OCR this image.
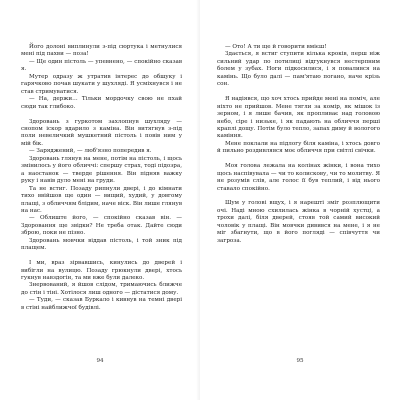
Його долоні виплинули з-під сюртука і метнулися мені під пахви — поза!

— Ще один пістоль — упевнено, — спокійно сказав я.

Мутер одразу ж утратив інтерес до обшуку і гарячково почав шукати у шухляді. Я усміхнувся і не став стримуватися.

— На, держи… Тільки мордочку свою не пхай сюди так глибоко.

Здоровань з гуркотом захлопнув шухляду — снопом іскор вдарило з каміна. Він витягнув з-під поли невеличкий мушкетний пістоль і повів ним у мій бік.

— Заряджений, — люб'язно попередив я.

Здоровань глянув на мене, потім на пістоль, і щось змінилось у його обличчі: спершу страх, тоді підозра, а наостанок — тверде рішення. Він підняв важку руку і навів дуло мені на груди.

Та не встиг. Позаду рипнули двері, і до кімнати тихо ввійшов ще один — вищий, худий, у довгому плащі, з обличчям блідим, наче віск. Він лише глянув на нас.

— Облиште його, — спокійно сказав він. — Здоровання ще звідки? Не треба отак. Дайте сюди зброю, поки не пізно.

Здоровань мовчки віддав пістоль, і той зник під плащем.

І ми, враз зірвавшись, кинулись до дверей і вибігли на вулицю. Позаду грюкнули двері, хтось гукнув навздогін, та ми вже були далеко.

Знервований, я йшов слідом, тримаючись ближче до стін і тіні. Хотілося лиш одного — дістатися дому.

— Туди, — сказав Буркало і кивнув на темні двері в стіні найближчої будівлі.

94

— Ото! А ти ще й говорити вмієш!

Здається, я встиг ступити кілька кроків, перш ніж сильний удар по потилиці відгукнувся нестерпним болем у зубах. Ноги підкосилися, і я повалився на камінь. Що було далі — пам'ятаю погано, наче крізь сон.

Я надіявся, що хоч хтось прийде мені на поміч, але ніхто не прийшов. Мене тягли за комір, як мішок із зерном, і я лише бачив, як пропливає над головою небо, сіре і низьке, і як падають на обличчя перші краплі дощу. Потім було тепло, запах диму й вологого каміння.

Мене поклали на підлогу біля каміна, і хтось довго й пильно роздивлявся моє обличчя при світлі свічки.

Моя голова лежала на колінах жінки, і вона тихо щось наспівувала — чи то колискову, чи то молитву. Я не розумів слів, але голос її був теплий, і від нього ставало спокійно.

Шум у голові вщух, і я нарешті зміг розплющити очі. Наді мною схилилась жінка в чорній хустці, а трохи далі, біля дверей, стояв той самий високий чоловік у плащі. Він мовчки дивився на мене, і я не міг збагнути, що в його погляді — співчуття чи загроза.

95
